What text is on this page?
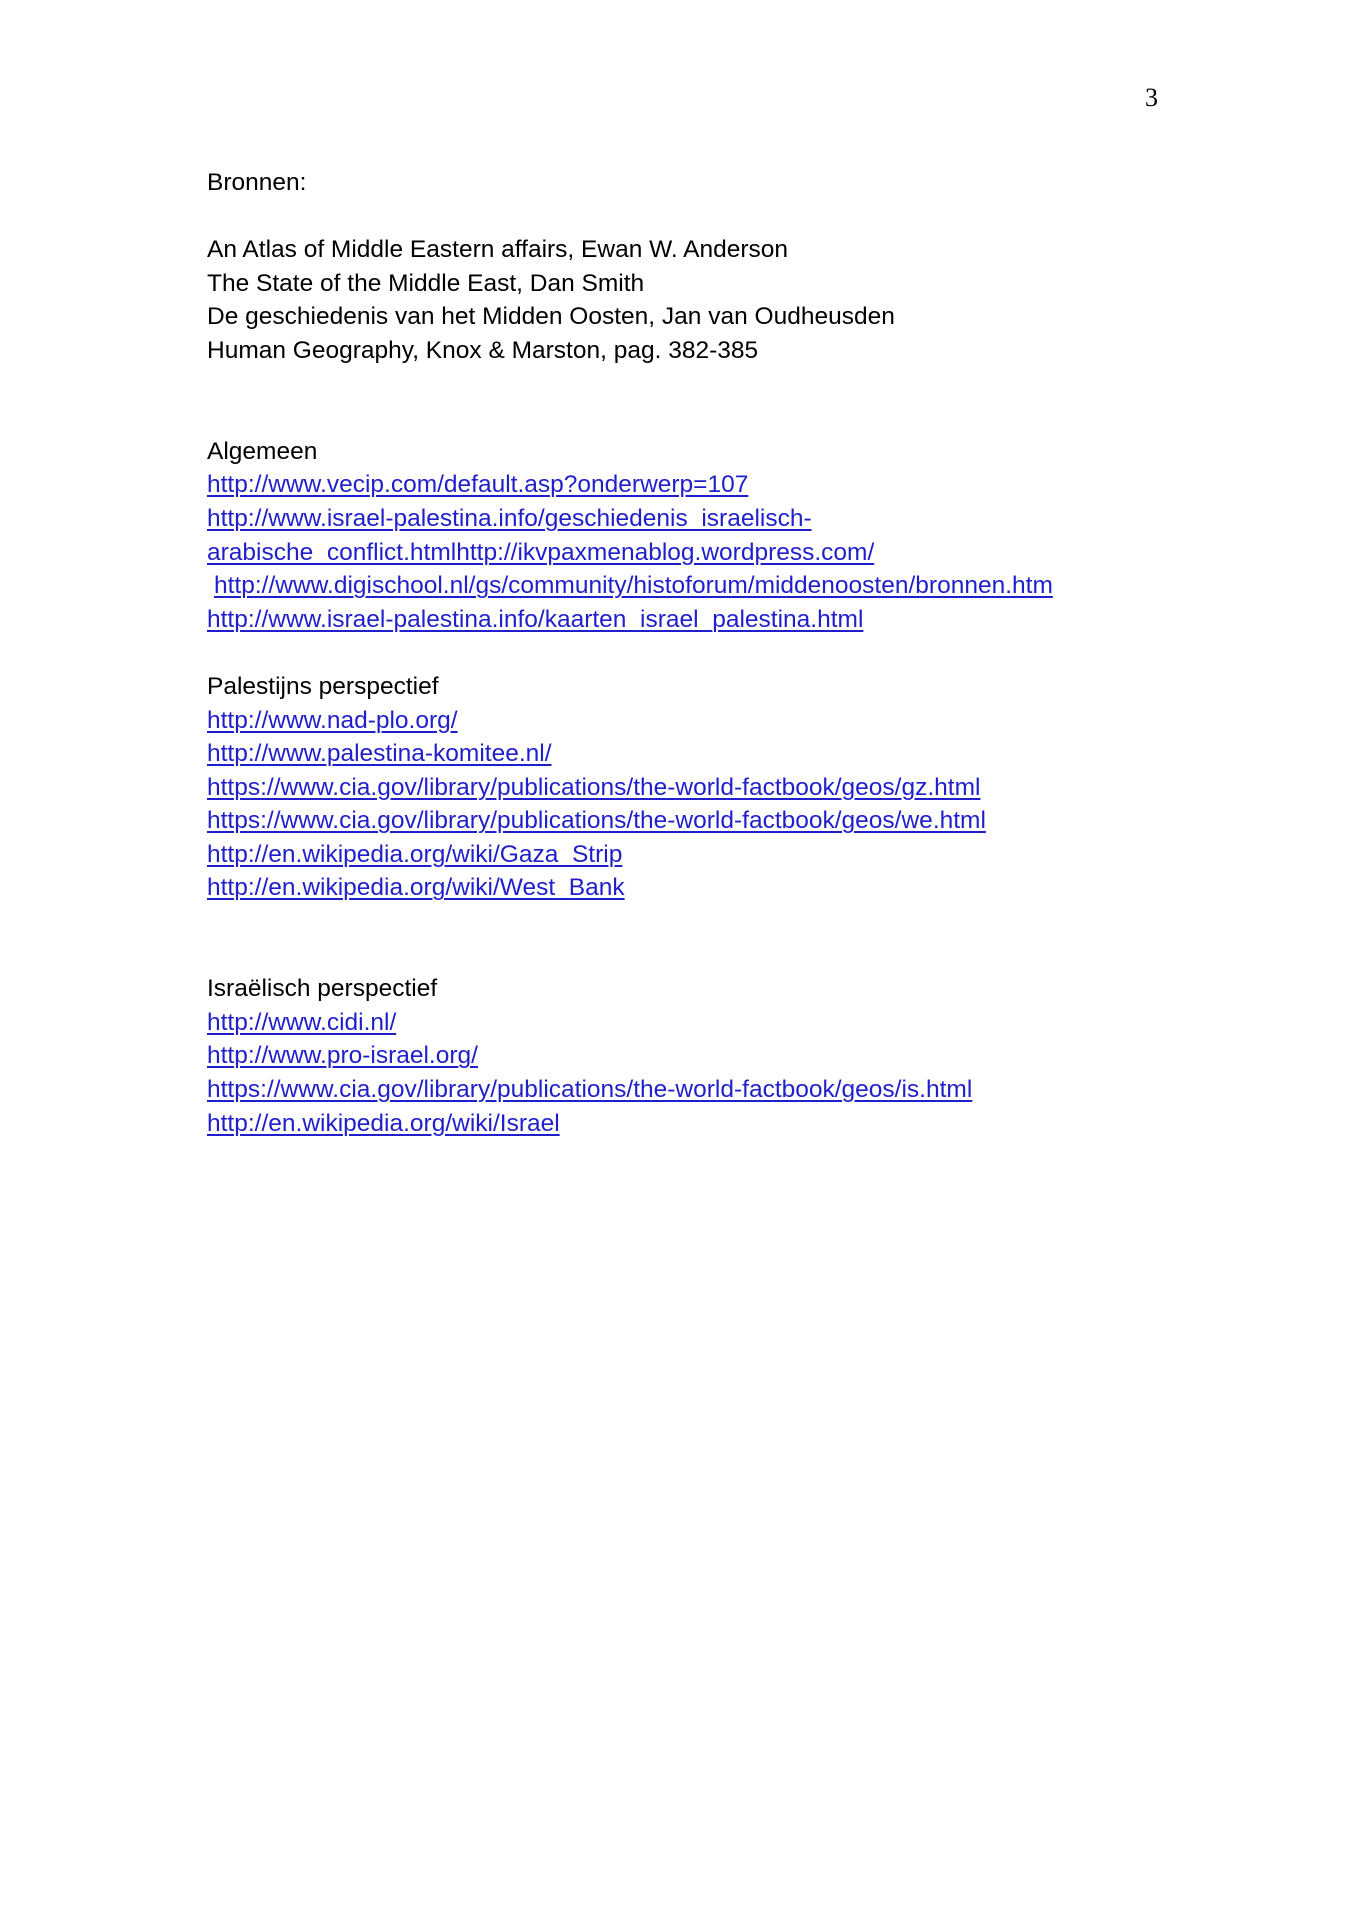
3
Bronnen:
An Atlas of Middle Eastern affairs, Ewan W. Anderson
The State of the Middle East, Dan Smith
De geschiedenis van het Midden Oosten, Jan van Oudheusden
Human Geography, Knox & Marston, pag. 382-385
Algemeen
http://www.vecip.com/default.asp?onderwerp=107
http://www.israel-palestina.info/geschiedenis_israelisch-
arabische_conflict.htmlhttp://ikvpaxmenablog.wordpress.com/
http://www.digischool.nl/gs/community/histoforum/middenoosten/bronnen.htm
http://www.israel-palestina.info/kaarten_israel_palestina.html
Palestijns perspectief
http://www.nad-plo.org/
http://www.palestina-komitee.nl/
https://www.cia.gov/library/publications/the-world-factbook/geos/gz.html
https://www.cia.gov/library/publications/the-world-factbook/geos/we.html
http://en.wikipedia.org/wiki/Gaza_Strip
http://en.wikipedia.org/wiki/West_Bank
Israëlisch perspectief
http://www.cidi.nl/
http://www.pro-israel.org/
https://www.cia.gov/library/publications/the-world-factbook/geos/is.html
http://en.wikipedia.org/wiki/Israel
